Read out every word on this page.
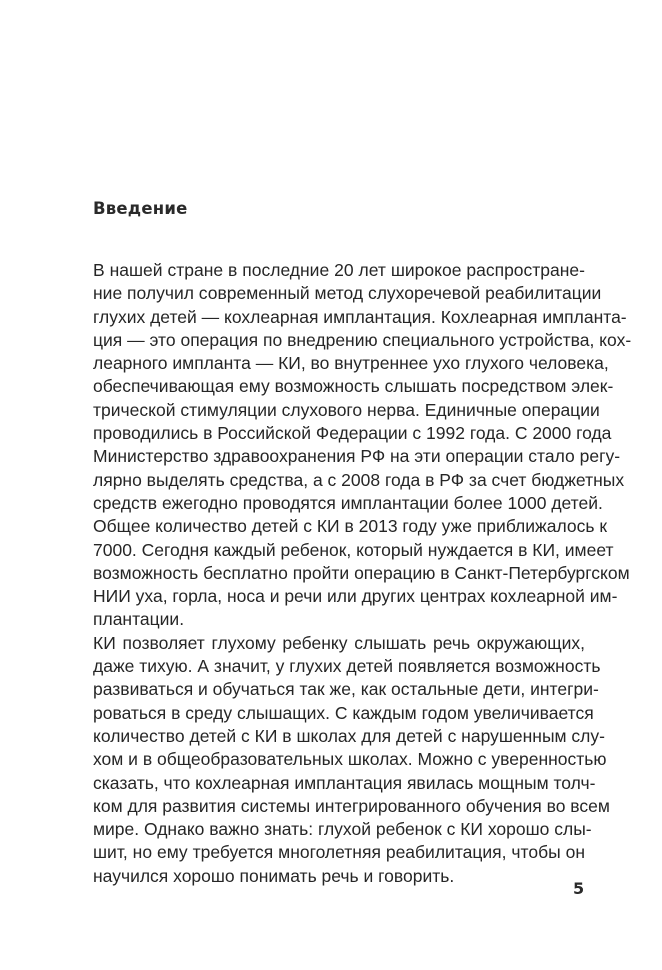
Введение

В нашей стране в последние 20 лет широкое распростране-
ние получил современный метод слухоречевой реабилитации
глухих детей — кохлеарная имплантация. Кохлеарная импланта-
ция — это операция по внедрению специального устройства, кох-
леарного импланта — КИ, во внутреннее ухо глухого человека,
обеспечивающая ему возможность слышать посредством элек-
трической стимуляции слухового нерва. Единичные операции
проводились в Российской Федерации с 1992 года. С 2000 года
Министерство здравоохранения РФ на эти операции стало регу-
лярно выделять средства, а с 2008 года в РФ за счет бюджетных
средств ежегодно проводятся имплантации более 1000 детей.
Общее количество детей с КИ в 2013 году уже приближалось к
7000. Сегодня каждый ребенок, который нуждается в КИ, имеет
возможность бесплатно пройти операцию в Санкт-Петербургском
НИИ уха, горла, носа и речи или других центрах кохлеарной им-
плантации.

КИ позволяет глухому ребенку слышать речь окружающих,
даже тихую. А значит, у глухих детей появляется возможность
развиваться и обучаться так же, как остальные дети, интегри-
роваться в среду слышащих. С каждым годом увеличивается
количество детей с КИ в школах для детей с нарушенным слу-
хом и в общеобразовательных школах. Можно с уверенностью
сказать, что кохлеарная имплантация явилась мощным толч-
ком для развития системы интегрированного обучения во всем
мире. Однако важно знать: глухой ребенок с КИ хорошо слы-
шит, но ему требуется многолетняя реабилитация, чтобы он
научился хорошо понимать речь и говорить.

5
